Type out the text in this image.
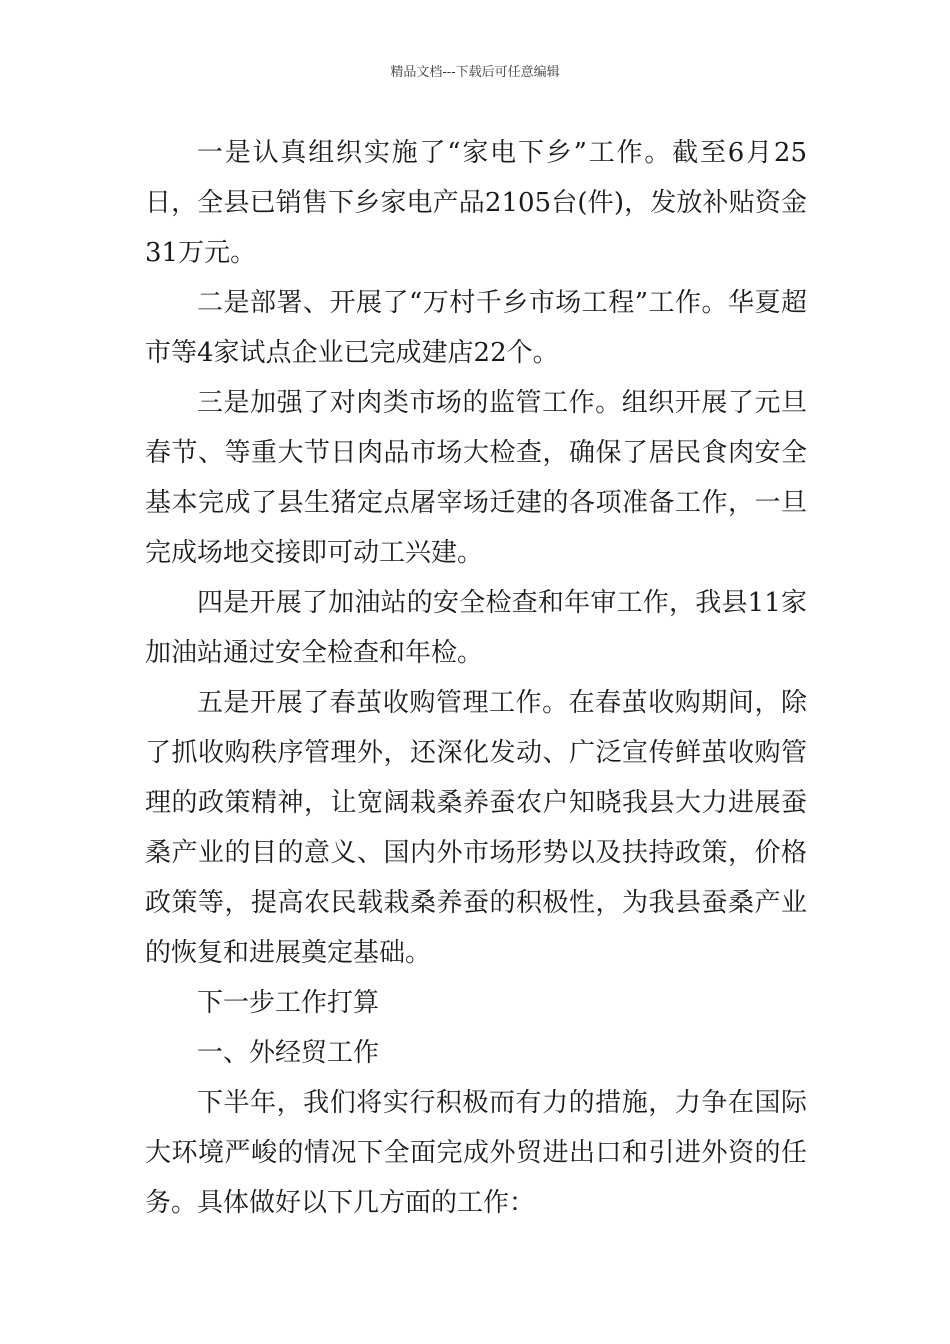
精品文档---下载后可任意编辑

一是认真组织实施了“家电下乡”工作。截至6月25日，全县已销售下乡家电产品2105台(件)，发放补贴资金31万元。

二是部署、开展了“万村千乡市场工程”工作。华夏超市等4家试点企业已完成建店22个。

三是加强了对肉类市场的监管工作。组织开展了元旦春节、等重大节日肉品市场大检查，确保了居民食肉安全基本完成了县生猪定点屠宰场迁建的各项准备工作，一旦完成场地交接即可动工兴建。

四是开展了加油站的安全检查和年审工作，我县11家加油站通过安全检查和年检。

五是开展了春茧收购管理工作。在春茧收购期间，除了抓收购秩序管理外，还深化发动、广泛宣传鲜茧收购管理的政策精神，让宽阔栽桑养蚕农户知晓我县大力进展蚕桑产业的目的意义、国内外市场形势以及扶持政策，价格政策等，提高农民载栽桑养蚕的积极性，为我县蚕桑产业的恢复和进展奠定基础。

下一步工作打算

一、外经贸工作

下半年，我们将实行积极而有力的措施，力争在国际大环境严峻的情况下全面完成外贸进出口和引进外资的任务。具体做好以下几方面的工作：
